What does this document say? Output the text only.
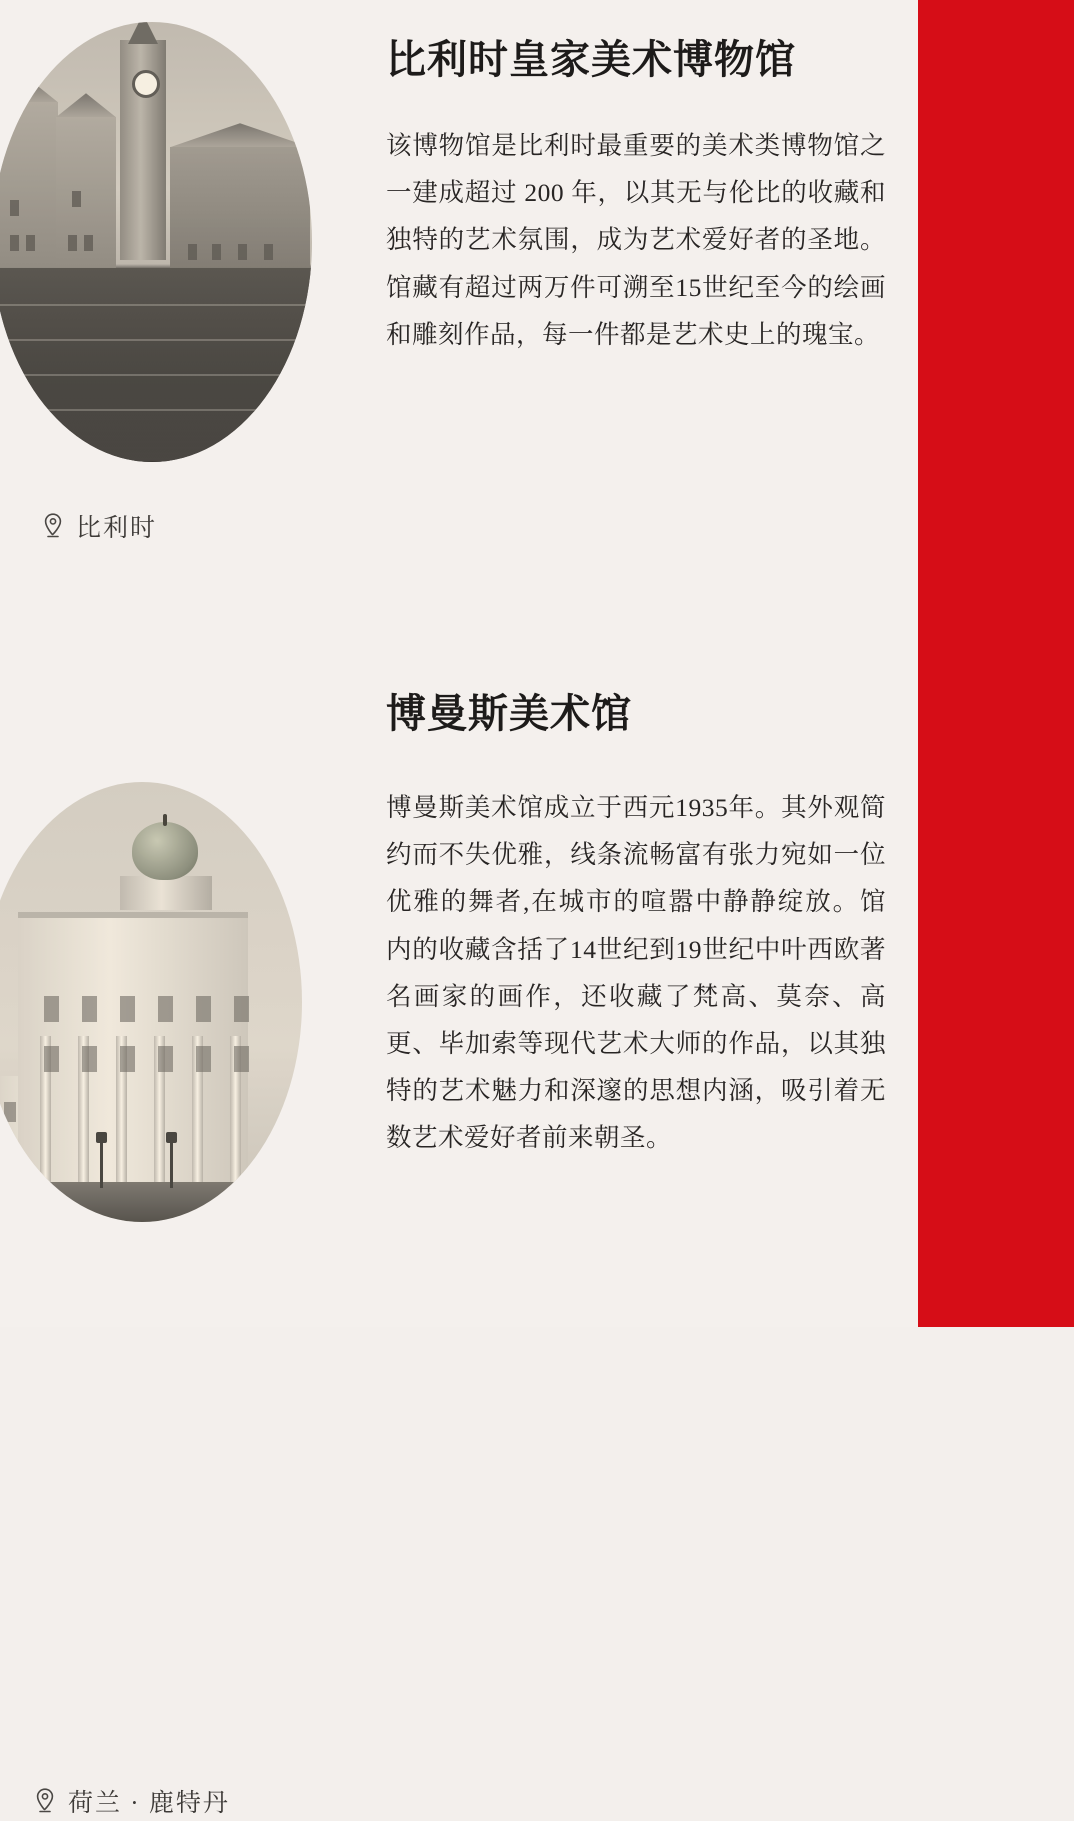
比利时
比利时皇家美术博物馆

该博物馆是比利时最重要的美术类博物馆之一建成超过 200 年，以其无与伦比的收藏和独特的艺术氛围，成为艺术爱好者的圣地。馆藏有超过两万件可溯至15世纪至今的绘画和雕刻作品，每一件都是艺术史上的瑰宝。

荷兰 · 鹿特丹
博曼斯美术馆

博曼斯美术馆成立于西元1935年。其外观简约而不失优雅，线条流畅富有张力宛如一位优雅的舞者,在城市的喧嚣中静静绽放。馆内的收藏含括了14世纪到19世纪中叶西欧著名画家的画作，还收藏了梵高、莫奈、高更、毕加索等现代艺术大师的作品，以其独特的艺术魅力和深邃的思想内涵，吸引着无数艺术爱好者前来朝圣。
